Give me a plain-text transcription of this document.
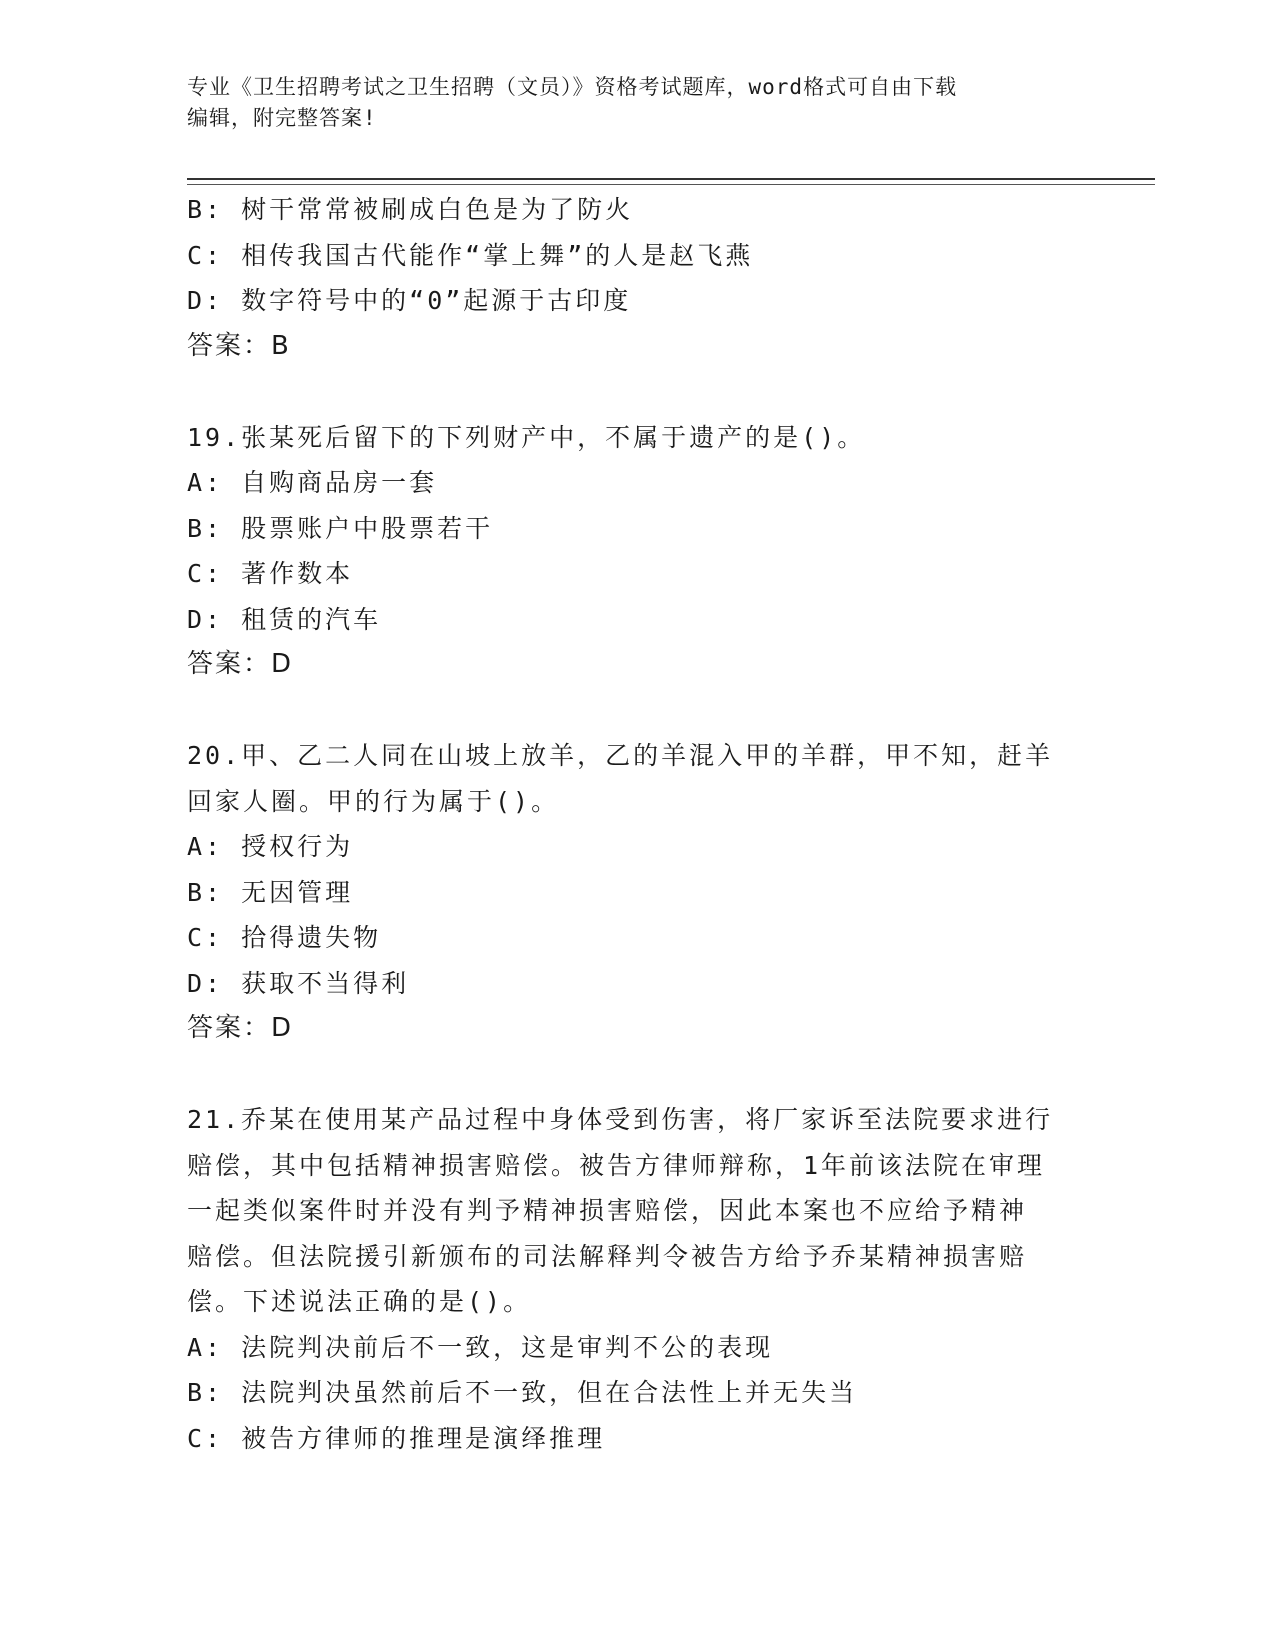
专业《卫生招聘考试之卫生招聘（文员）》资格考试题库，word格式可自由下载

编辑，附完整答案!

B: 树干常常被刷成白色是为了防火

C: 相传我国古代能作“掌上舞”的人是赵飞燕

D: 数字符号中的“0”起源于古印度

答案：B

19.张某死后留下的下列财产中，不属于遗产的是()。

A: 自购商品房一套

B: 股票账户中股票若干

C: 著作数本

D: 租赁的汽车

答案：D

20.甲、乙二人同在山坡上放羊，乙的羊混入甲的羊群，甲不知，赶羊

回家人圈。甲的行为属于()。

A: 授权行为

B: 无因管理

C: 拾得遗失物

D: 获取不当得利

答案：D

21.乔某在使用某产品过程中身体受到伤害，将厂家诉至法院要求进行

赔偿，其中包括精神损害赔偿。被告方律师辩称，1年前该法院在审理

一起类似案件时并没有判予精神损害赔偿，因此本案也不应给予精神

赔偿。但法院援引新颁布的司法解释判令被告方给予乔某精神损害赔

偿。下述说法正确的是()。

A: 法院判决前后不一致，这是审判不公的表现

B: 法院判决虽然前后不一致，但在合法性上并无失当

C: 被告方律师的推理是演绎推理
